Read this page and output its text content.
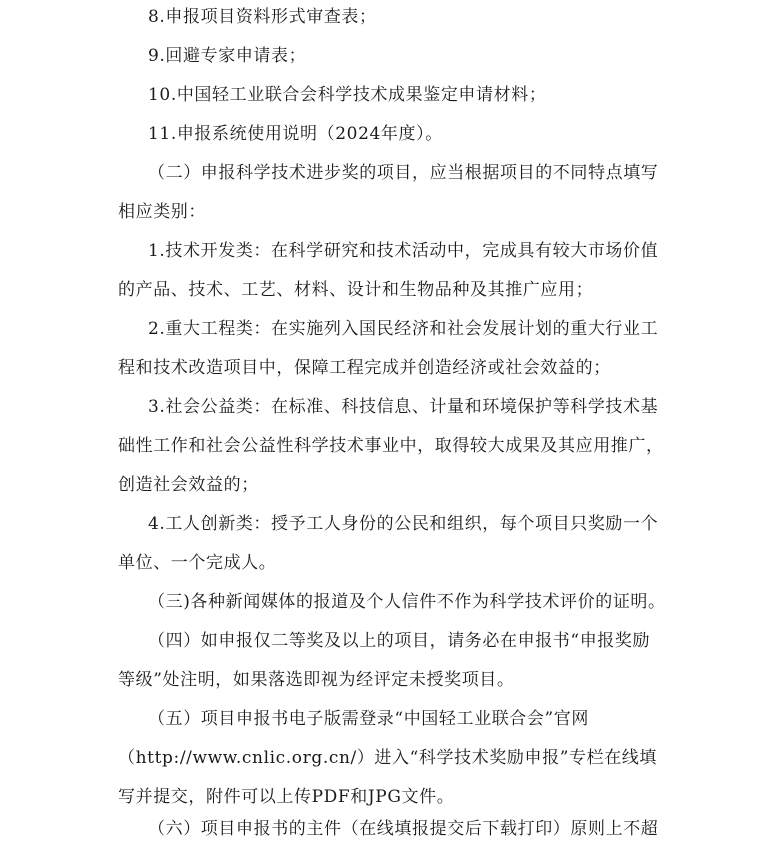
8.申报项目资料形式审查表；
9.回避专家申请表；
10.中国轻工业联合会科学技术成果鉴定申请材料；
11.申报系统使用说明（2024年度）。
（二）申报科学技术进步奖的项目，应当根据项目的不同特点填写
相应类别：
1.技术开发类：在科学研究和技术活动中，完成具有较大市场价值
的产品、技术、工艺、材料、设计和生物品种及其推广应用；
2.重大工程类：在实施列入国民经济和社会发展计划的重大行业工
程和技术改造项目中，保障工程完成并创造经济或社会效益的；
3.社会公益类：在标准、科技信息、计量和环境保护等科学技术基
础性工作和社会公益性科学技术事业中，取得较大成果及其应用推广，
创造社会效益的；
4.工人创新类：授予工人身份的公民和组织，每个项目只奖励一个
单位、一个完成人。
（三)各种新闻媒体的报道及个人信件不作为科学技术评价的证明。
（四）如申报仅二等奖及以上的项目，请务必在申报书“申报奖励
等级”处注明，如果落选即视为经评定未授奖项目。
（五）项目申报书电子版需登录“中国轻工业联合会”官网
（http://www.cnlic.org.cn/）进入“科学技术奖励申报”专栏在线填
写并提交，附件可以上传PDF和JPG文件。
（六）项目申报书的主件（在线填报提交后下载打印）原则上不超
